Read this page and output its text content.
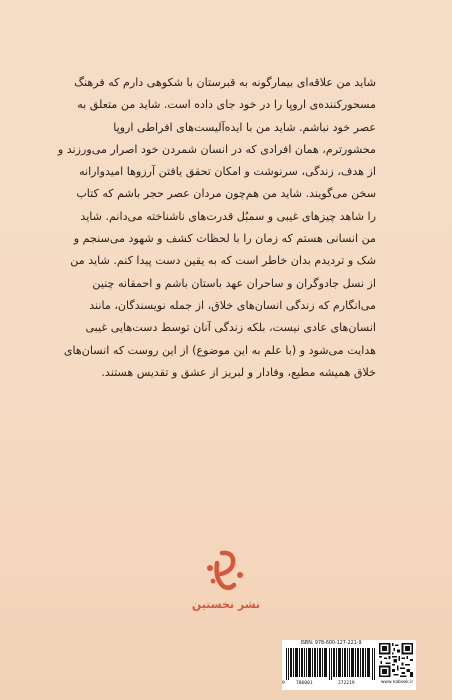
شاید من علاقه‌ای بیمارگونه به قبرستان با شکوهی دارم که فرهنگ
مسحورکننده‌ی اروپا را در خود جای داده است. شاید من متعلق به
عصر خود نباشم. شاید من با ایده‌آلیست‌های افراطی اروپا
محشورترم، همان افرادی که در انسان شمردن خود اصرار می‌ورزند و
از هدف، زندگی، سرنوشت و امکان تحقق یافتن آرزوها امیدوارانه
سخن می‌گویند. شاید من هم‌چون مردان عصر حجر باشم که کتاب
را شاهد چیزهای غیبی و سمبُل قدرت‌های ناشناخته می‌دانم. شاید
من انسانی هستم که زمان را با لحظات کشف و شهود می‌سنجم و
شک و تردیدم بدان خاطر است که به یقین دست پیدا کنم. شاید من
از نسل جادوگران و ساحران عهد باستان باشم و احمقانه چنین
می‌انگارم که زندگی انسان‌های خلاق، از جمله نویسندگان، مانند
انسان‌های عادی نیست، بلکه زندگی آنان توسط دست‌هایی غیبی
هدایت می‌شود و (با علم به این موضوع) از این روست که انسان‌های
خلاق همیشه مطیع، وفادار و لبریز از عشق و تقدیس هستند.
نشر نخستین
ISBN: 978-600-127-221-9
9	786001	272219	www.nabook.ir
